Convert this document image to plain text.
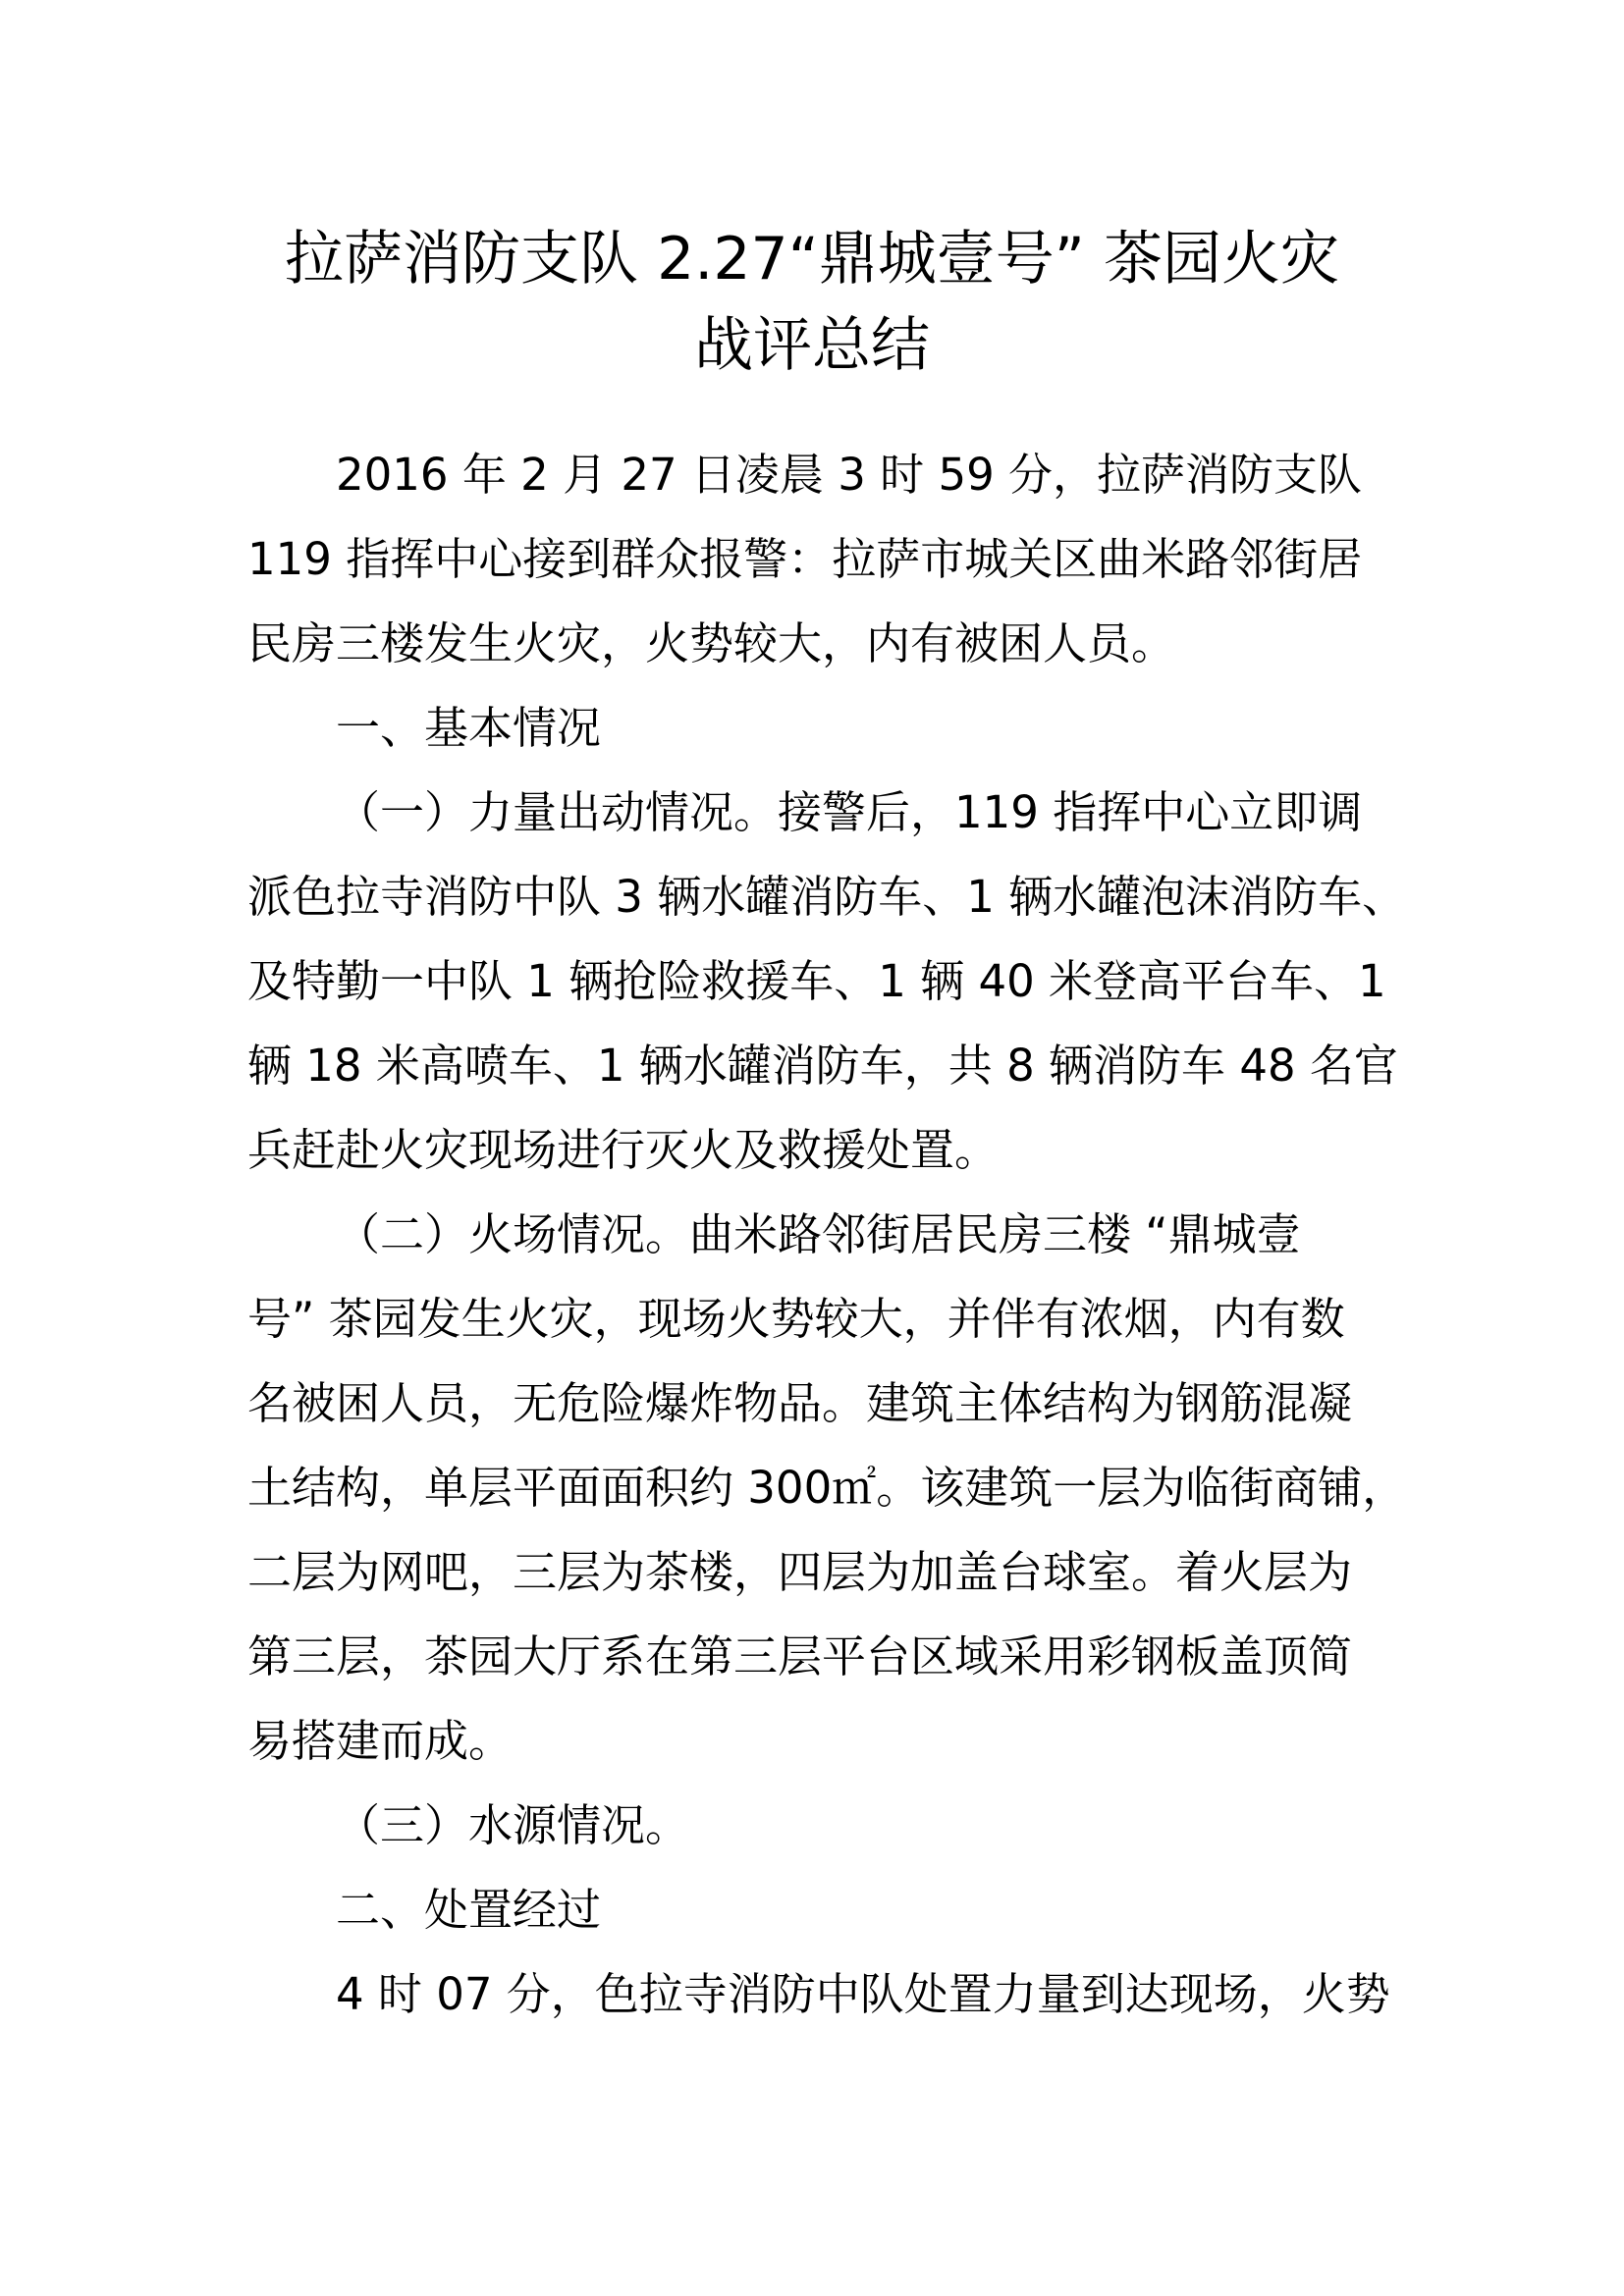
拉萨消防支队 2.27“鼎城壹号” 茶园火灾
战评总结
2016 年 2 月 27 日凌晨 3 时 59 分，拉萨消防支队
119 指挥中心接到群众报警：拉萨市城关区曲米路邻街居
民房三楼发生火灾，火势较大，内有被困人员。
一、基本情况
（一）力量出动情况。接警后，119 指挥中心立即调
派色拉寺消防中队 3 辆水罐消防车、1 辆水罐泡沫消防车、
及特勤一中队 1 辆抢险救援车、1 辆 40 米登高平台车、1
辆 18 米高喷车、1 辆水罐消防车，共 8 辆消防车 48 名官
兵赶赴火灾现场进行灭火及救援处置。
（二）火场情况。曲米路邻街居民房三楼 “鼎城壹
号” 茶园发生火灾，现场火势较大，并伴有浓烟，内有数
名被困人员，无危险爆炸物品。建筑主体结构为钢筋混凝
土结构，单层平面面积约 300㎡。该建筑一层为临街商铺，
二层为网吧，三层为茶楼，四层为加盖台球室。着火层为
第三层，茶园大厅系在第三层平台区域采用彩钢板盖顶简
易搭建而成。
（三）水源情况。
二、处置经过
4 时 07 分，色拉寺消防中队处置力量到达现场，火势
